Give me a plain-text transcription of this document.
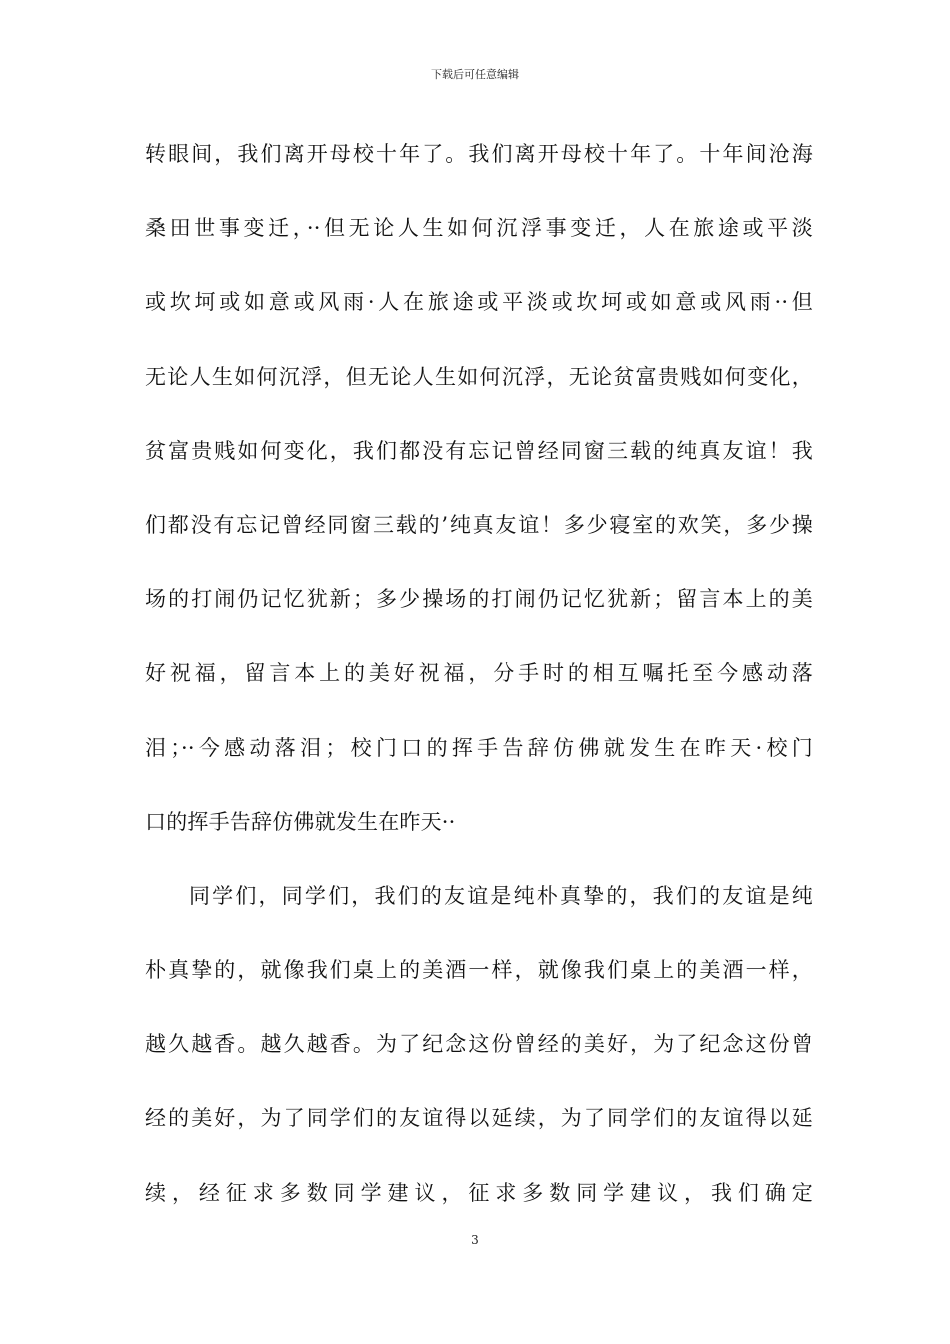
下载后可任意编辑
转眼间，我们离开母校十年了。我们离开母校十年了。十年间沧海
桑田世事变迁，··但无论人生如何沉浮事变迁，人在旅途或平淡
或坎坷或如意或风雨·人在旅途或平淡或坎坷或如意或风雨··但
无论人生如何沉浮，但无论人生如何沉浮，无论贫富贵贱如何变化，
贫富贵贱如何变化，我们都没有忘记曾经同窗三载的纯真友谊！我
们都没有忘记曾经同窗三载的’纯真友谊！多少寝室的欢笑，多少操
场的打闹仍记忆犹新；多少操场的打闹仍记忆犹新；留言本上的美
好祝福，留言本上的美好祝福，分手时的相互嘱托至今感动落
泪；··今感动落泪；校门口的挥手告辞仿佛就发生在昨天·校门
口的挥手告辞仿佛就发生在昨天··
同学们，同学们，我们的友谊是纯朴真挚的，我们的友谊是纯
朴真挚的，就像我们桌上的美酒一样，就像我们桌上的美酒一样，
越久越香。越久越香。为了纪念这份曾经的美好，为了纪念这份曾
经的美好，为了同学们的友谊得以延续，为了同学们的友谊得以延
续，经征求多数同学建议，征求多数同学建议，我们确定
3
